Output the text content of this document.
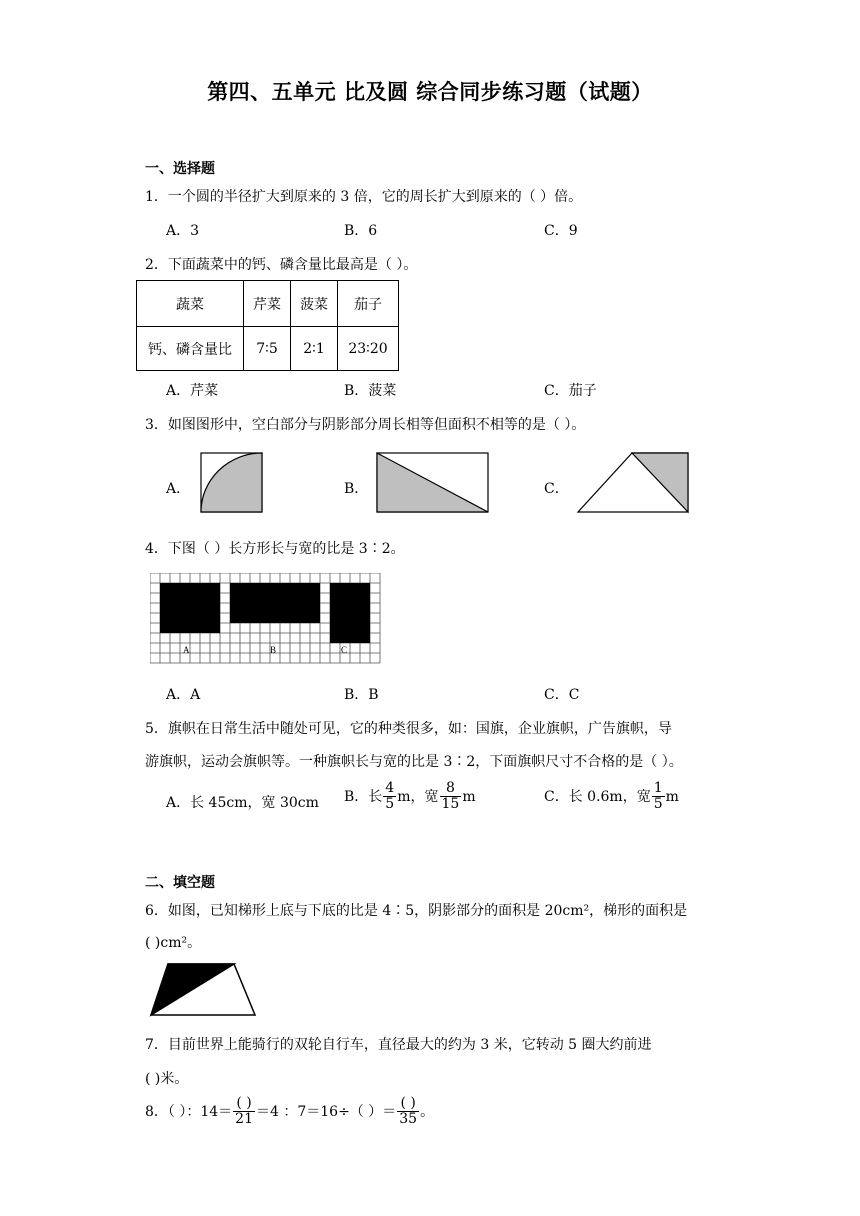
第四、五单元 比及圆 综合同步练习题（试题）
一、选择题
1．一个圆的半径扩大到原来的 3 倍，它的周长扩大到原来的（ ）倍。
A．3	B．6	C．9
2．下面蔬菜中的钙、磷含量比最高是（ ）。
蔬菜	芹菜	菠菜	茄子
钙、磷含量比	7∶5	2∶1	23∶20
A．芹菜	B．菠菜	C．茄子
3．如图图形中，空白部分与阴影部分周长相等但面积不相等的是（ ）。
A．	B．	C．
4．下图（ ）长方形长与宽的比是 3∶2。
A	B	C
A．A	B．B	C．C
5．旗帜在日常生活中随处可见，它的种类很多，如：国旗，企业旗帜，广告旗帜，导
游旗帜，运动会旗帜等。一种旗帜长与宽的比是 3∶2，下面旗帜尺寸不合格的是（ ）。
A．长 45cm，宽 30cm B．长 $\frac{4}{5}$ m，宽 $\frac{8}{15}$ m	C．长 0.6m，宽 $\frac{1}{5}$ m
二、填空题
6．如图，已知梯形上底与下底的比是 4∶5，阴影部分的面积是 20cm²，梯形的面积是
( )cm²。
7．目前世界上能骑行的双轮自行车，直径最大的约为 3 米，它转动 5 圈大约前进
( )米。
8．（ ）：$14= \frac{( )}{21} =4$ ：7＝16÷（ ）＝ $\frac{( )}{35}$ 。
